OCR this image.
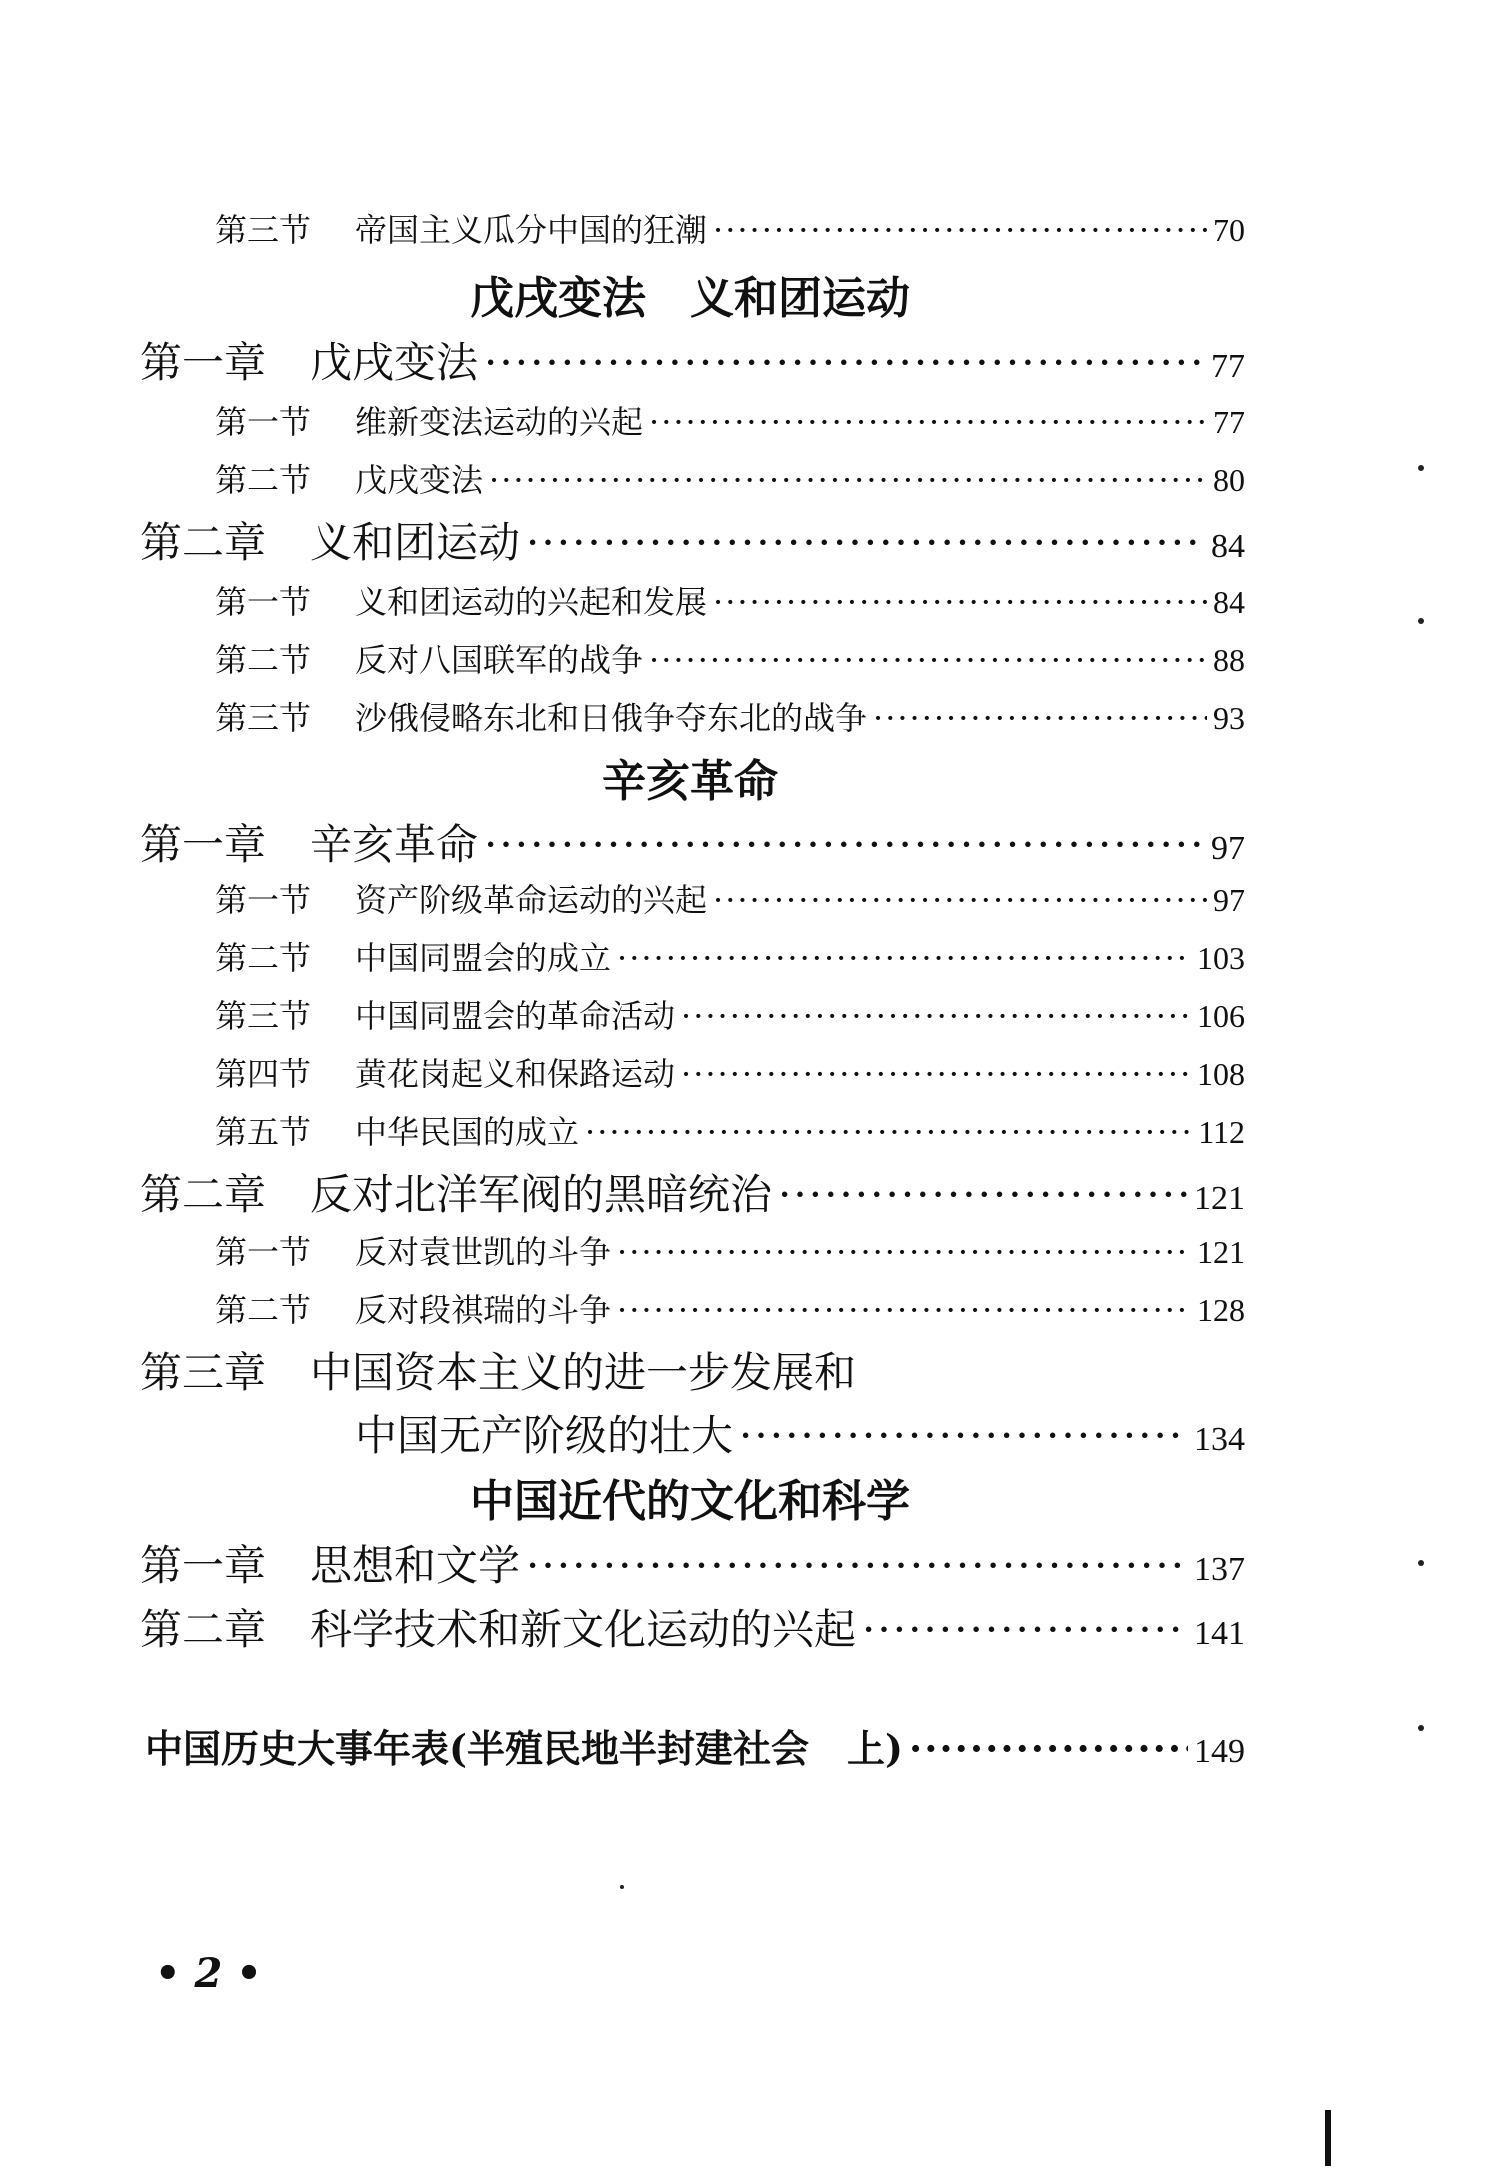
第三节	帝国主义瓜分中国的狂潮 ·····	70
戊戌变法　义和团运动
第一章	戊戌变法 ·····	77
第一节	维新变法运动的兴起 ·····	77
第二节	戊戌变法 ·····	80
第二章	义和团运动 ·····	84
第一节	义和团运动的兴起和发展 ·····	84
第二节	反对八国联军的战争 ·····	88
第三节	沙俄侵略东北和日俄争夺东北的战争 ·····	93
辛亥革命
第一章	辛亥革命 ·····	97
第一节	资产阶级革命运动的兴起 ·····	97
第二节	中国同盟会的成立 ·····	103
第三节	中国同盟会的革命活动 ·····	106
第四节	黄花岗起义和保路运动 ·····	108
第五节	中华民国的成立 ·····	112
第二章	反对北洋军阀的黑暗统治 ·····	121
第一节	反对袁世凯的斗争 ·····	121
第二节	反对段祺瑞的斗争 ·····	128
第三章	中国资本主义的进一步发展和
中国无产阶级的壮大 ·····	134
中国近代的文化和科学
第一章	思想和文学 ·····	137
第二章	科学技术和新文化运动的兴起 ·····	141
中国历史大事年表(半殖民地半封建社会　上) ·····	149
• 2 •
